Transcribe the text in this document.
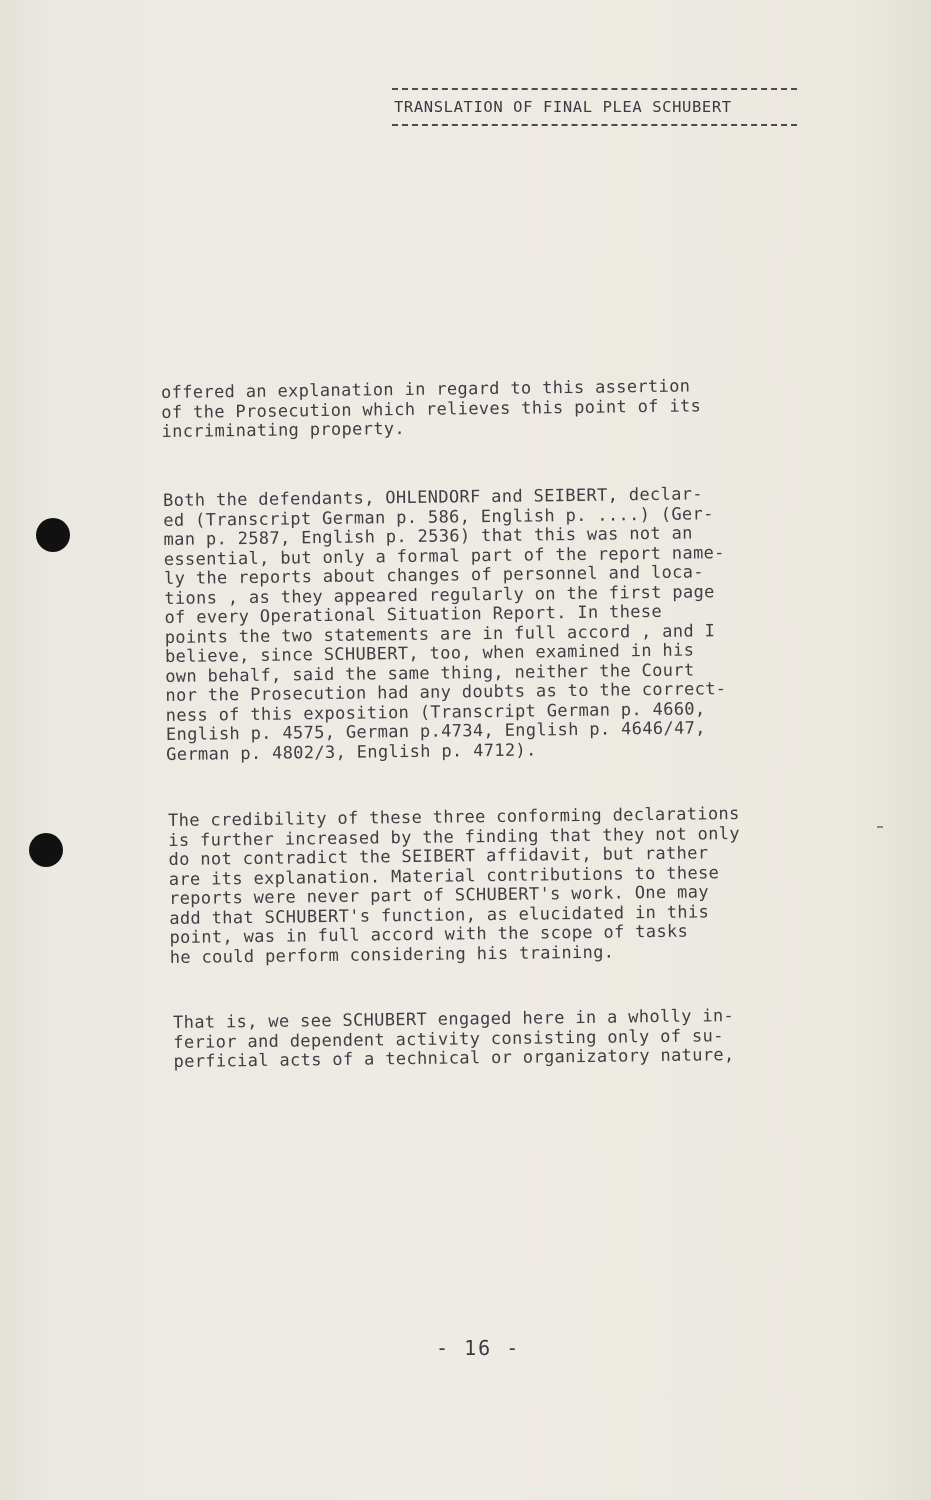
TRANSLATION OF FINAL PLEA SCHUBERT
offered an explanation in regard to this assertion
of the Prosecution which relieves this point of its
incriminating property.
Both the defendants, OHLENDORF and SEIBERT, declar-
ed (Transcript German p. 586, English p. ....) (Ger-
man p. 2587, English p. 2536) that this was not an
essential, but only a formal part of the report name-
ly the reports about changes of personnel and loca-
tions , as they appeared regularly on the first page
of every Operational Situation Report. In these
points the two statements are in full accord , and I
believe, since SCHUBERT, too, when examined in his
own behalf, said the same thing, neither the Court
nor the Prosecution had any doubts as to the correct-
ness of this exposition (Transcript German p. 4660,
English p. 4575, German p.4734, English p. 4646/47,
German p. 4802/3, English p. 4712).
The credibility of these three conforming declarations
is further increased by the finding that they not only
do not contradict the SEIBERT affidavit, but rather
are its explanation. Material contributions to these
reports were never part of SCHUBERT's work. One may
add that SCHUBERT's function, as elucidated in this
point, was in full accord with the scope of tasks
he could perform considering his training.
That is, we see SCHUBERT engaged here in a wholly in-
ferior and dependent activity consisting only of su-
perficial acts of a technical or organizatory nature,
- 16 -
